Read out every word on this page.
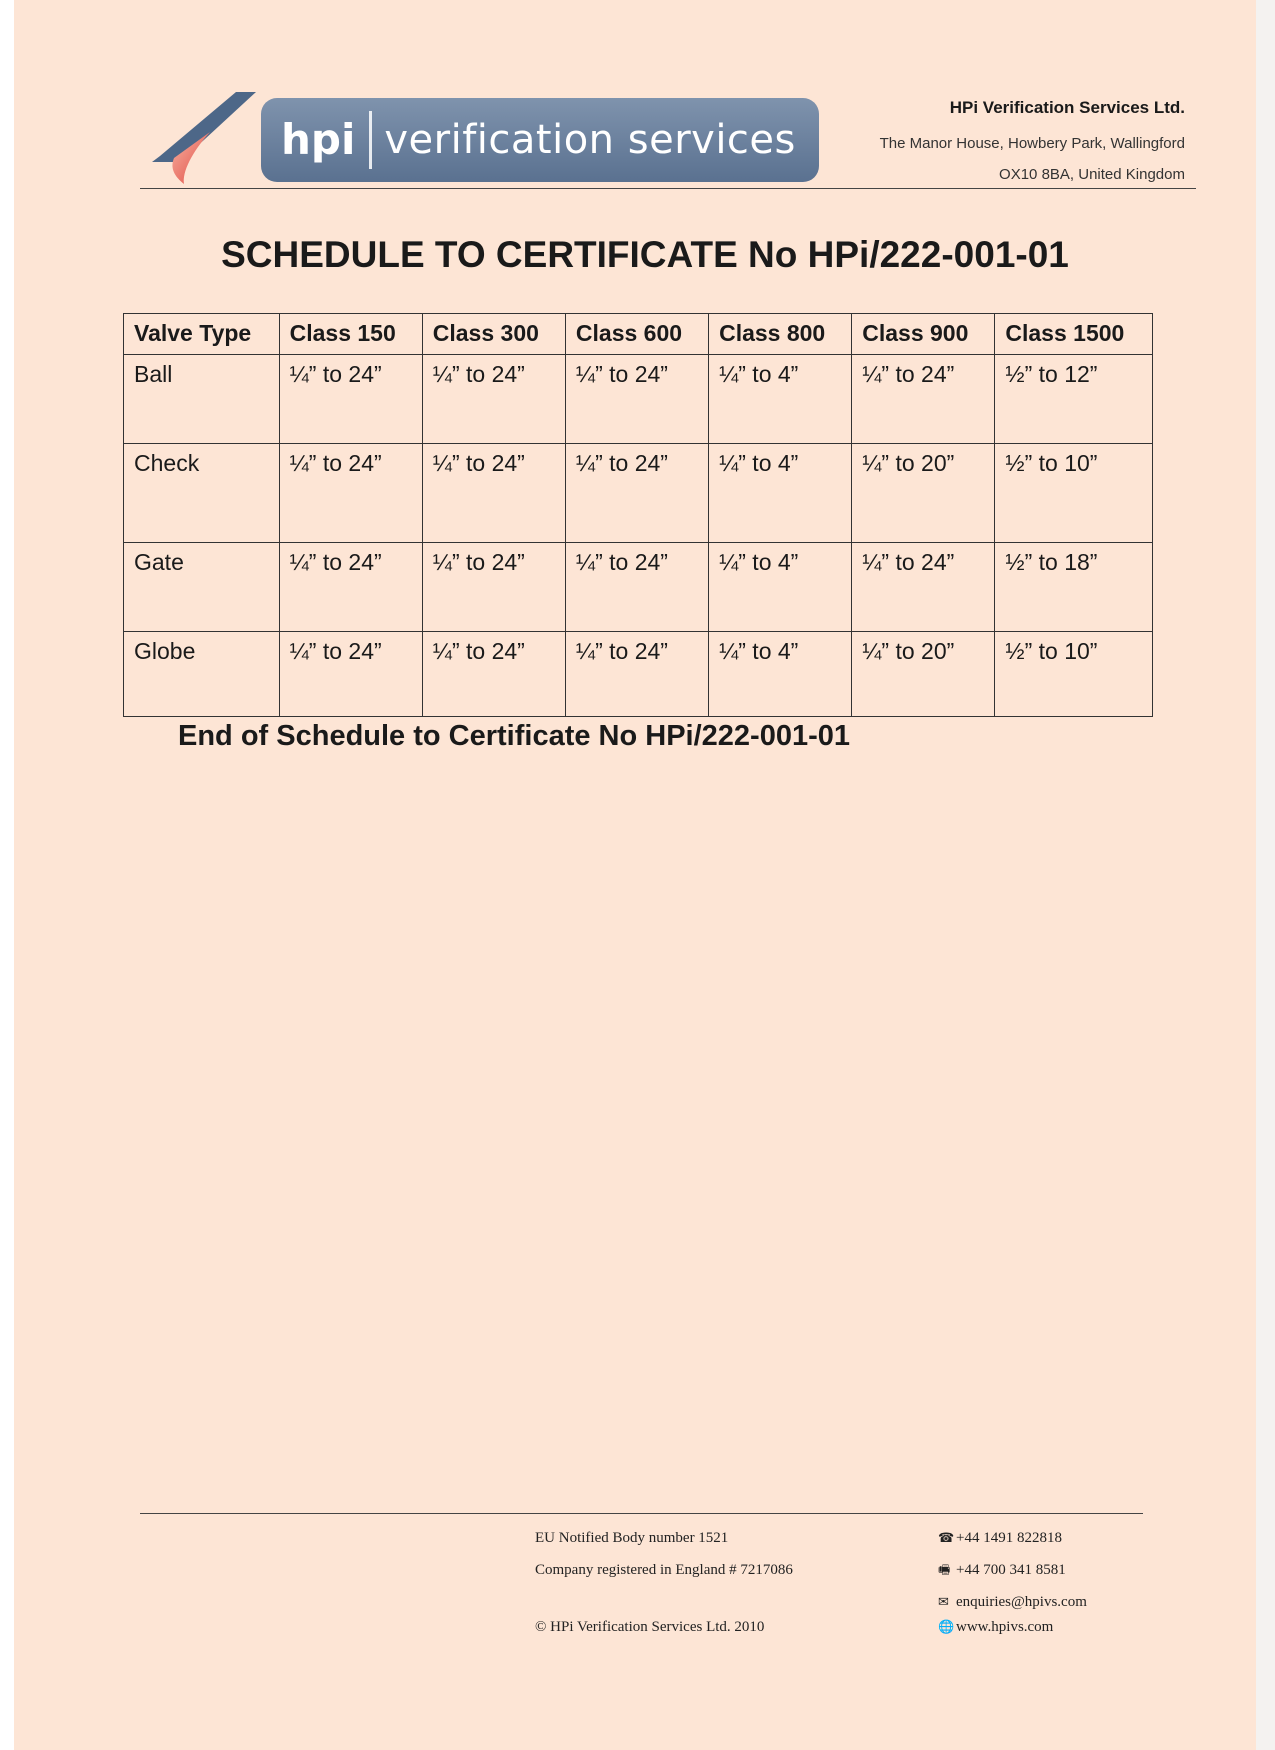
hpi verification services
HPi Verification Services Ltd.
The Manor House, Howbery Park, Wallingford
OX10 8BA, United Kingdom
SCHEDULE TO CERTIFICATE No HPi/222-001-01
Valve Type	Class 150	Class 300	Class 600	Class 800	Class 900	Class 1500
Ball	¼” to 24”	¼” to 24”	¼” to 24”	¼” to 4”	¼” to 24”	½” to 12”
Check	¼” to 24”	¼” to 24”	¼” to 24”	¼” to 4”	¼” to 20”	½” to 10”
Gate	¼” to 24”	¼” to 24”	¼” to 24”	¼” to 4”	¼” to 24”	½” to 18”
Globe	¼” to 24”	¼” to 24”	¼” to 24”	¼” to 4”	¼” to 20”	½” to 10”
End of Schedule to Certificate No HPi/222-001-01
EU Notified Body number 1521
Company registered in England # 7217086
© HPi Verification Services Ltd. 2010
☎ +44 1491 822818
🖷 +44 700 341 8581
✉ enquiries@hpivs.com
🌐 www.hpivs.com
